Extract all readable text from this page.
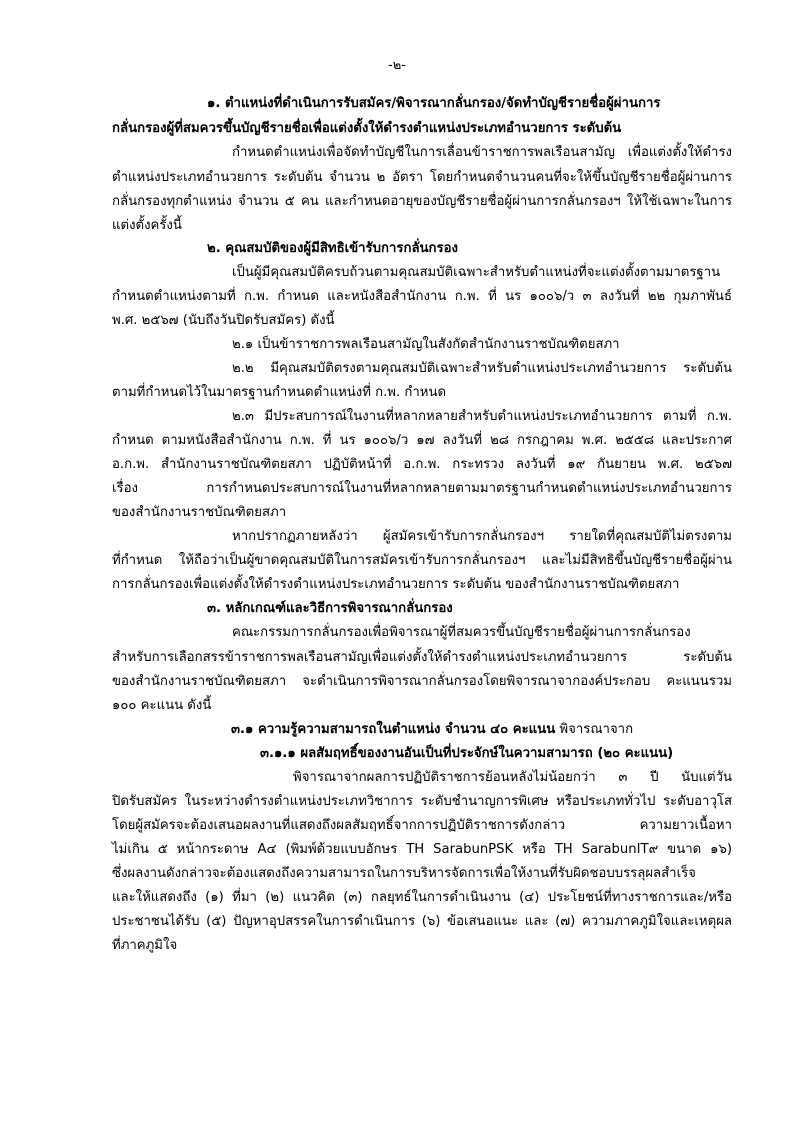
-๒-
๑. ตำแหน่งที่ดำเนินการรับสมัคร/พิจารณากลั่นกรอง/จัดทำบัญชีรายชื่อผู้ผ่านการ
กลั่นกรองผู้ที่สมควรขึ้นบัญชีรายชื่อเพื่อแต่งตั้งให้ดำรงตำแหน่งประเภทอำนวยการ ระดับต้น
กำหนดตำแหน่งเพื่อจัดทำบัญชีในการเลื่อนข้าราชการพลเรือนสามัญ เพื่อแต่งตั้งให้ดำรง
ตำแหน่งประเภทอำนวยการ ระดับต้น จำนวน ๒ อัตรา โดยกำหนดจำนวนคนที่จะให้ขึ้นบัญชีรายชื่อผู้ผ่านการ
กลั่นกรองทุกตำแหน่ง จำนวน ๕ คน และกำหนดอายุของบัญชีรายชื่อผู้ผ่านการกลั่นกรองฯ ให้ใช้เฉพาะในการ
แต่งตั้งครั้งนี้
๒. คุณสมบัติของผู้มีสิทธิเข้ารับการกลั่นกรอง
เป็นผู้มีคุณสมบัติครบถ้วนตามคุณสมบัติเฉพาะสำหรับตำแหน่งที่จะแต่งตั้งตามมาตรฐาน
กำหนดตำแหน่งตามที่ ก.พ. กำหนด และหนังสือสำนักงาน ก.พ. ที่ นร ๑๐๐๖/ว ๓ ลงวันที่ ๒๒ กุมภาพันธ์
พ.ศ. ๒๕๖๗ (นับถึงวันปิดรับสมัคร) ดังนี้
๒.๑ เป็นข้าราชการพลเรือนสามัญในสังกัดสำนักงานราชบัณฑิตยสภา
๒.๒ มีคุณสมบัติตรงตามคุณสมบัติเฉพาะสำหรับตำแหน่งประเภทอำนวยการ ระดับต้น
ตามที่กำหนดไว้ในมาตรฐานกำหนดตำแหน่งที่ ก.พ. กำหนด
๒.๓ มีประสบการณ์ในงานที่หลากหลายสำหรับตำแหน่งประเภทอำนวยการ ตามที่ ก.พ.
กำหนด ตามหนังสือสำนักงาน ก.พ. ที่ นร ๑๐๐๖/ว ๑๗ ลงวันที่ ๒๘ กรกฎาคม พ.ศ. ๒๕๕๘ และประกาศ
อ.ก.พ. สำนักงานราชบัณฑิตยสภา ปฏิบัติหน้าที่ อ.ก.พ. กระทรวง ลงวันที่ ๑๙ กันยายน พ.ศ. ๒๕๖๗
เรื่อง การกำหนดประสบการณ์ในงานที่หลากหลายตามมาตรฐานกำหนดตำแหน่งประเภทอำนวยการ
ของสำนักงานราชบัณฑิตยสภา
หากปรากฏภายหลังว่า ผู้สมัครเข้ารับการกลั่นกรองฯ รายใดที่คุณสมบัติไม่ตรงตาม
ที่กำหนด ให้ถือว่าเป็นผู้ขาดคุณสมบัติในการสมัครเข้ารับการกลั่นกรองฯ และไม่มีสิทธิขึ้นบัญชีรายชื่อผู้ผ่าน
การกลั่นกรองเพื่อแต่งตั้งให้ดำรงตำแหน่งประเภทอำนวยการ ระดับต้น ของสำนักงานราชบัณฑิตยสภา
๓. หลักเกณฑ์และวิธีการพิจารณากลั่นกรอง
คณะกรรมการกลั่นกรองเพื่อพิจารณาผู้ที่สมควรขึ้นบัญชีรายชื่อผู้ผ่านการกลั่นกรอง
สำหรับการเลือกสรรข้าราชการพลเรือนสามัญเพื่อแต่งตั้งให้ดำรงตำแหน่งประเภทอำนวยการ ระดับต้น
ของสำนักงานราชบัณฑิตยสภา จะดำเนินการพิจารณากลั่นกรองโดยพิจารณาจากองค์ประกอบ คะแนนรวม
๑๐๐ คะแนน ดังนี้
๓.๑ ความรู้ความสามารถในตำแหน่ง จำนวน ๔๐ คะแนน พิจารณาจาก
๓.๑.๑ ผลสัมฤทธิ์ของงานอันเป็นที่ประจักษ์ในความสามารถ (๒๐ คะแนน)
พิจารณาจากผลการปฏิบัติราชการย้อนหลังไม่น้อยกว่า ๓ ปี นับแต่วัน
ปิดรับสมัคร ในระหว่างดำรงตำแหน่งประเภทวิชาการ ระดับชำนาญการพิเศษ หรือประเภททั่วไป ระดับอาวุโส
โดยผู้สมัครจะต้องเสนอผลงานที่แสดงถึงผลสัมฤทธิ์จากการปฏิบัติราชการดังกล่าว ความยาวเนื้อหา
ไม่เกิน ๕ หน้ากระดาษ A๔ (พิมพ์ด้วยแบบอักษร TH SarabunPSK หรือ TH SarabunIT๙ ขนาด ๑๖)
ซึ่งผลงานดังกล่าวจะต้องแสดงถึงความสามารถในการบริหารจัดการเพื่อให้งานที่รับผิดชอบบรรลุผลสำเร็จ
และให้แสดงถึง (๑) ที่มา (๒) แนวคิด (๓) กลยุทธ์ในการดำเนินงาน (๔) ประโยชน์ที่ทางราชการและ/หรือ
ประชาชนได้รับ (๕) ปัญหาอุปสรรคในการดำเนินการ (๖) ข้อเสนอแนะ และ (๗) ความภาคภูมิใจและเหตุผล
ที่ภาคภูมิใจ
